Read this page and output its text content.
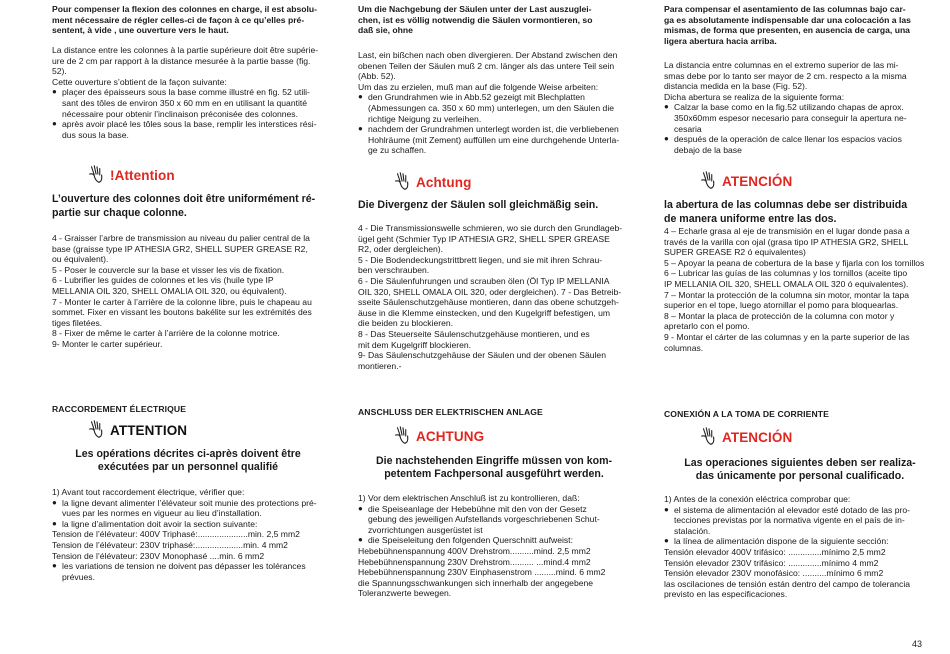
Pour compenser la flexion des colonnes en charge, il est absolu-
ment nécessaire de régler celles-ci de façon à ce qu’elles pré-
sentent, à vide , une ouverture vers le haut.
La distance entre les colonnes à la partie supérieure doit être supérie-
ure de 2 cm par rapport à la distance mesurée à la partie basse (fig.
52).
Cette ouverture s’obtient de la façon suivante:
● plaçer des épaisseurs sous la base comme illustré en fig. 52 utili-
sant des tôles de environ 350 x 60 mm en en utilisant la quantité
nécessaire pour obtenir l’inclinaison préconisée des colonnes.
● après avoir placé les tôles sous la base, remplir les interstices rési-
dus sous la base.
!Attention
L’ouverture des colonnes doit être uniformément ré-
partie sur chaque colonne.
4 - Graisser l’arbre de transmission au niveau du palier central de la
base (graisse type IP ATHESIA GR2, SHELL SUPER GREASE R2,
ou équivalent).
5 - Poser le couvercle sur la base et visser les vis de fixation.
6 - Lubrifier les guides de colonnes et les vis (huile type IP
MELLANIA OIL 320, SHELL OMALIA OIL 320, ou équivalent).
7 - Monter le carter à l’arrière de la colonne libre, puis le chapeau au
sommet. Fixer en vissant les boutons bakélite sur les extrémités des
tiges filetées.
8 - Fixer de même le carter à l’arrière de la colonne motrice.
9- Monter le carter supérieur.
RACCORDEMENT ÉLECTRIQUE
ATTENTION
Les opérations décrites ci-après doivent être
exécutées par un personnel qualifié
1) Avant tout raccordement électrique, vérifier que:
● la ligne devant alimenter l’élévateur soit munie des protections pré-
vues par les normes en vigueur au lieu d’installation.
● la ligne d’alimentation doit avoir la section suivante:
Tension de l’élévateur: 400V Triphasé:.....................min. 2,5 mm2
Tension de l’élévateur: 230V triphasé:....................min. 4 mm2
Tension de l’élévateur: 230V Monophasé ....min. 6 mm2
● les variations de tension ne doivent pas dépasser les tolérances
prévues.
Um die Nachgebung der Säulen unter der Last auszuglei-
chen, ist es völlig notwendig die Säulen vormontieren, so
daß sie, ohne
Last, ein bißchen nach oben divergieren. Der Abstand zwischen den
obenen Teilen der Säulen muß 2 cm. länger als das untere Teil sein
(Abb. 52).
Um das zu erzielen, muß man auf die folgende Weise arbeiten:
● den Grundrahmen wie in Abb.52 gezeigt mit Blechplatten
(Abmessungen ca. 350 x 60 mm) unterlegen, um den Säulen die
richtige Neigung zu verleihen.
● nachdem der Grundrahmen unterlegt worden ist, die verbliebenen
Hohlräume (mit Zement) auffüllen um eine durchgehende Unterla-
ge zu schaffen.
Achtung
Die Divergenz der Säulen soll gleichmäßig sein.
4 - Die Transmissionswelle schmieren, wo sie durch den Grundlageb-
ügel geht (Schmier Typ IP ATHESIA GR2, SHELL SPER GREASE
R2, oder dergleichen).
5 - Die Bodendeckungstrittbrett liegen, und sie mit ihren Schrau-
ben verschrauben.
6 - Die Säulenfuhrungen und scrauben ölen (Öl Typ IP MELLANIA
OIL 320, SHELL OMALA OIL 320, oder dergleichen). 7 - Das Betreib-
sseite Säulenschutzgehäuse montieren, dann das obene schutzgeh-
äuse in die Klemme einstecken, und den Kugelgriff befestigen, um
die beiden zu blockieren.
8 - Das Steuerseite Säulenschutzgehäuse montieren, und es
mit dem Kugelgriff blockieren.
9- Das Säulenschutzgehäuse der Säulen und der obenen Säulen
montieren.-
ANSCHLUSS DER ELEKTRISCHEN ANLAGE
ACHTUNG
Die nachstehenden Eingriffe müssen von kom-
petentem Fachpersonal ausgeführt werden.
1) Vor dem elektrischen Anschluß ist zu kontrollieren, daß:
● die Speiseanlage der Hebebühne mit den von der Gesetz
gebung des jeweiligen Aufstellands vorgeschriebenen Schut-
zvorrichtungen ausgerüstet ist
● die Speiseleitung den folgenden Querschnitt aufweist:
Hebebühnenspannung 400V Drehstrom..........mind. 2,5 mm2
Hebebühnenspannung 230V Drehstrom.......... ...mind.4 mm2
Hebebühnenspannung 230V Einphasenstrom .........mind. 6 mm2
die Spannungsschwankungen sich innerhalb der angegebene
Toleranzwerte bewegen.
Para compensar el asentamiento de las columnas bajo car-
ga es absolutamente indispensable dar una colocación a las
mismas, de forma que presenten, en ausencia de carga, una
ligera abertura hacia arriba.
La distancia entre columnas en el extremo superior de las mi-
smas debe por lo tanto ser mayor de 2 cm. respecto a la misma
distancia medida en la base (Fig. 52).
Dicha abertura se realiza de la siguiente forma:
● Calzar la base como en la fig.52 utilizando chapas de aprox.
350x60mm espesor necesario para conseguir la apertura ne-
cesaria
● después de la operación de calce llenar los espacios vacios
debajo de la base
ATENCIÓN
la abertura de las columnas debe ser distribuida
de manera uniforme entre las dos.
4 – Echarle grasa al eje de transmisión en el lugar donde pasa a
través de la varilla con ojal (grasa tipo IP ATHESIA GR2, SHELL
SUPER GREASE R2 ó equivalentes)
5 – Apoyar la peana de cobertura de la base y fijarla con los tornillos
6 – Lubricar las guías de las columnas y los tornillos (aceite tipo
IP MELLANIA OIL 320, SHELL OMALA OIL 320 ó equivalentes).
7 – Montar la protección de la columna sin motor, montar la tapa
superior en el tope, luego atornillar el pomo para bloquearlas.
8 – Montar la placa de protección de la columna con motor y
apretarlo con el pomo.
9 - Montar el cárter de las columnas y en la parte superior de las
columnas.
CONEXIÓN A LA TOMA DE CORRIENTE
ATENCIÓN
Las operaciones siguientes deben ser realiza-
das únicamente por personal cualificado.
1) Antes de la conexión eléctrica comprobar que:
● el sistema de alimentación al elevador esté dotado de las pro-
tecciones previstas por la normativa vigente en el país de in-
stalación.
● la línea de alimentación dispone de la siguiente sección:
Tensión elevador 400V trifásico: ..............mínimo 2,5 mm2
Tensión elevador 230V trifásico: ..............mínimo 4 mm2
Tensión elevador 230V monofásico: ..........mínimo 6 mm2
las oscilaciones de tensión están dentro del campo de tolerancia
previsto en las especificaciones.
43
